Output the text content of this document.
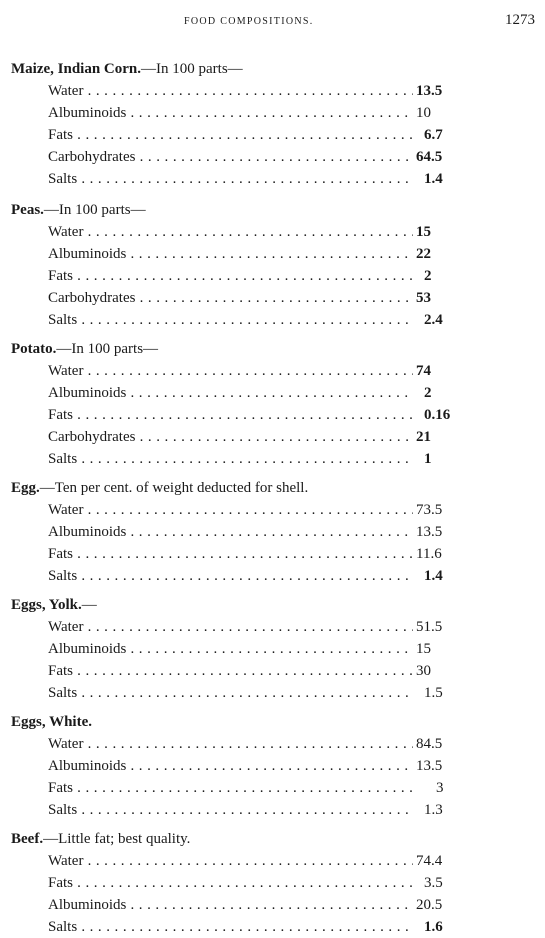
FOOD COMPOSITIONS.	1273
Maize, Indian Corn.—In 100 parts—
Water . . .	13.5
Albuminoids . . .	10
Fats . . .	6.7
Carbohydrates . . .	64.5
Salts . . .	1.4
Peas.—In 100 parts—
Water . . .	15
Albuminoids . . .	22
Fats . . .	2
Carbohydrates . . .	53
Salts . . .	2.4
Potato.—In 100 parts—
Water . . .	74
Albuminoids . . .	2
Fats . . .	0.16
Carbohydrates . . .	21
Salts . . .	1
Egg.—Ten per cent. of weight deducted for shell.
Water . . .	73.5
Albuminoids . . .	13.5
Fats . . .	11.6
Salts . . .	1.4
Eggs, Yolk.—
Water . . .	51.5
Albuminoids . . .	15
Fats . . .	30
Salts . . .	1.5
Eggs, White.
Water . . .	84.5
Albuminoids . . .	13.5
Fats . . .	3
Salts . . .	1.3
Beef.—Little fat; best quality.
Water . . .	74.4
Fats . . .	3.5
Albuminoids . . .	20.5
Salts . . .	1.6
